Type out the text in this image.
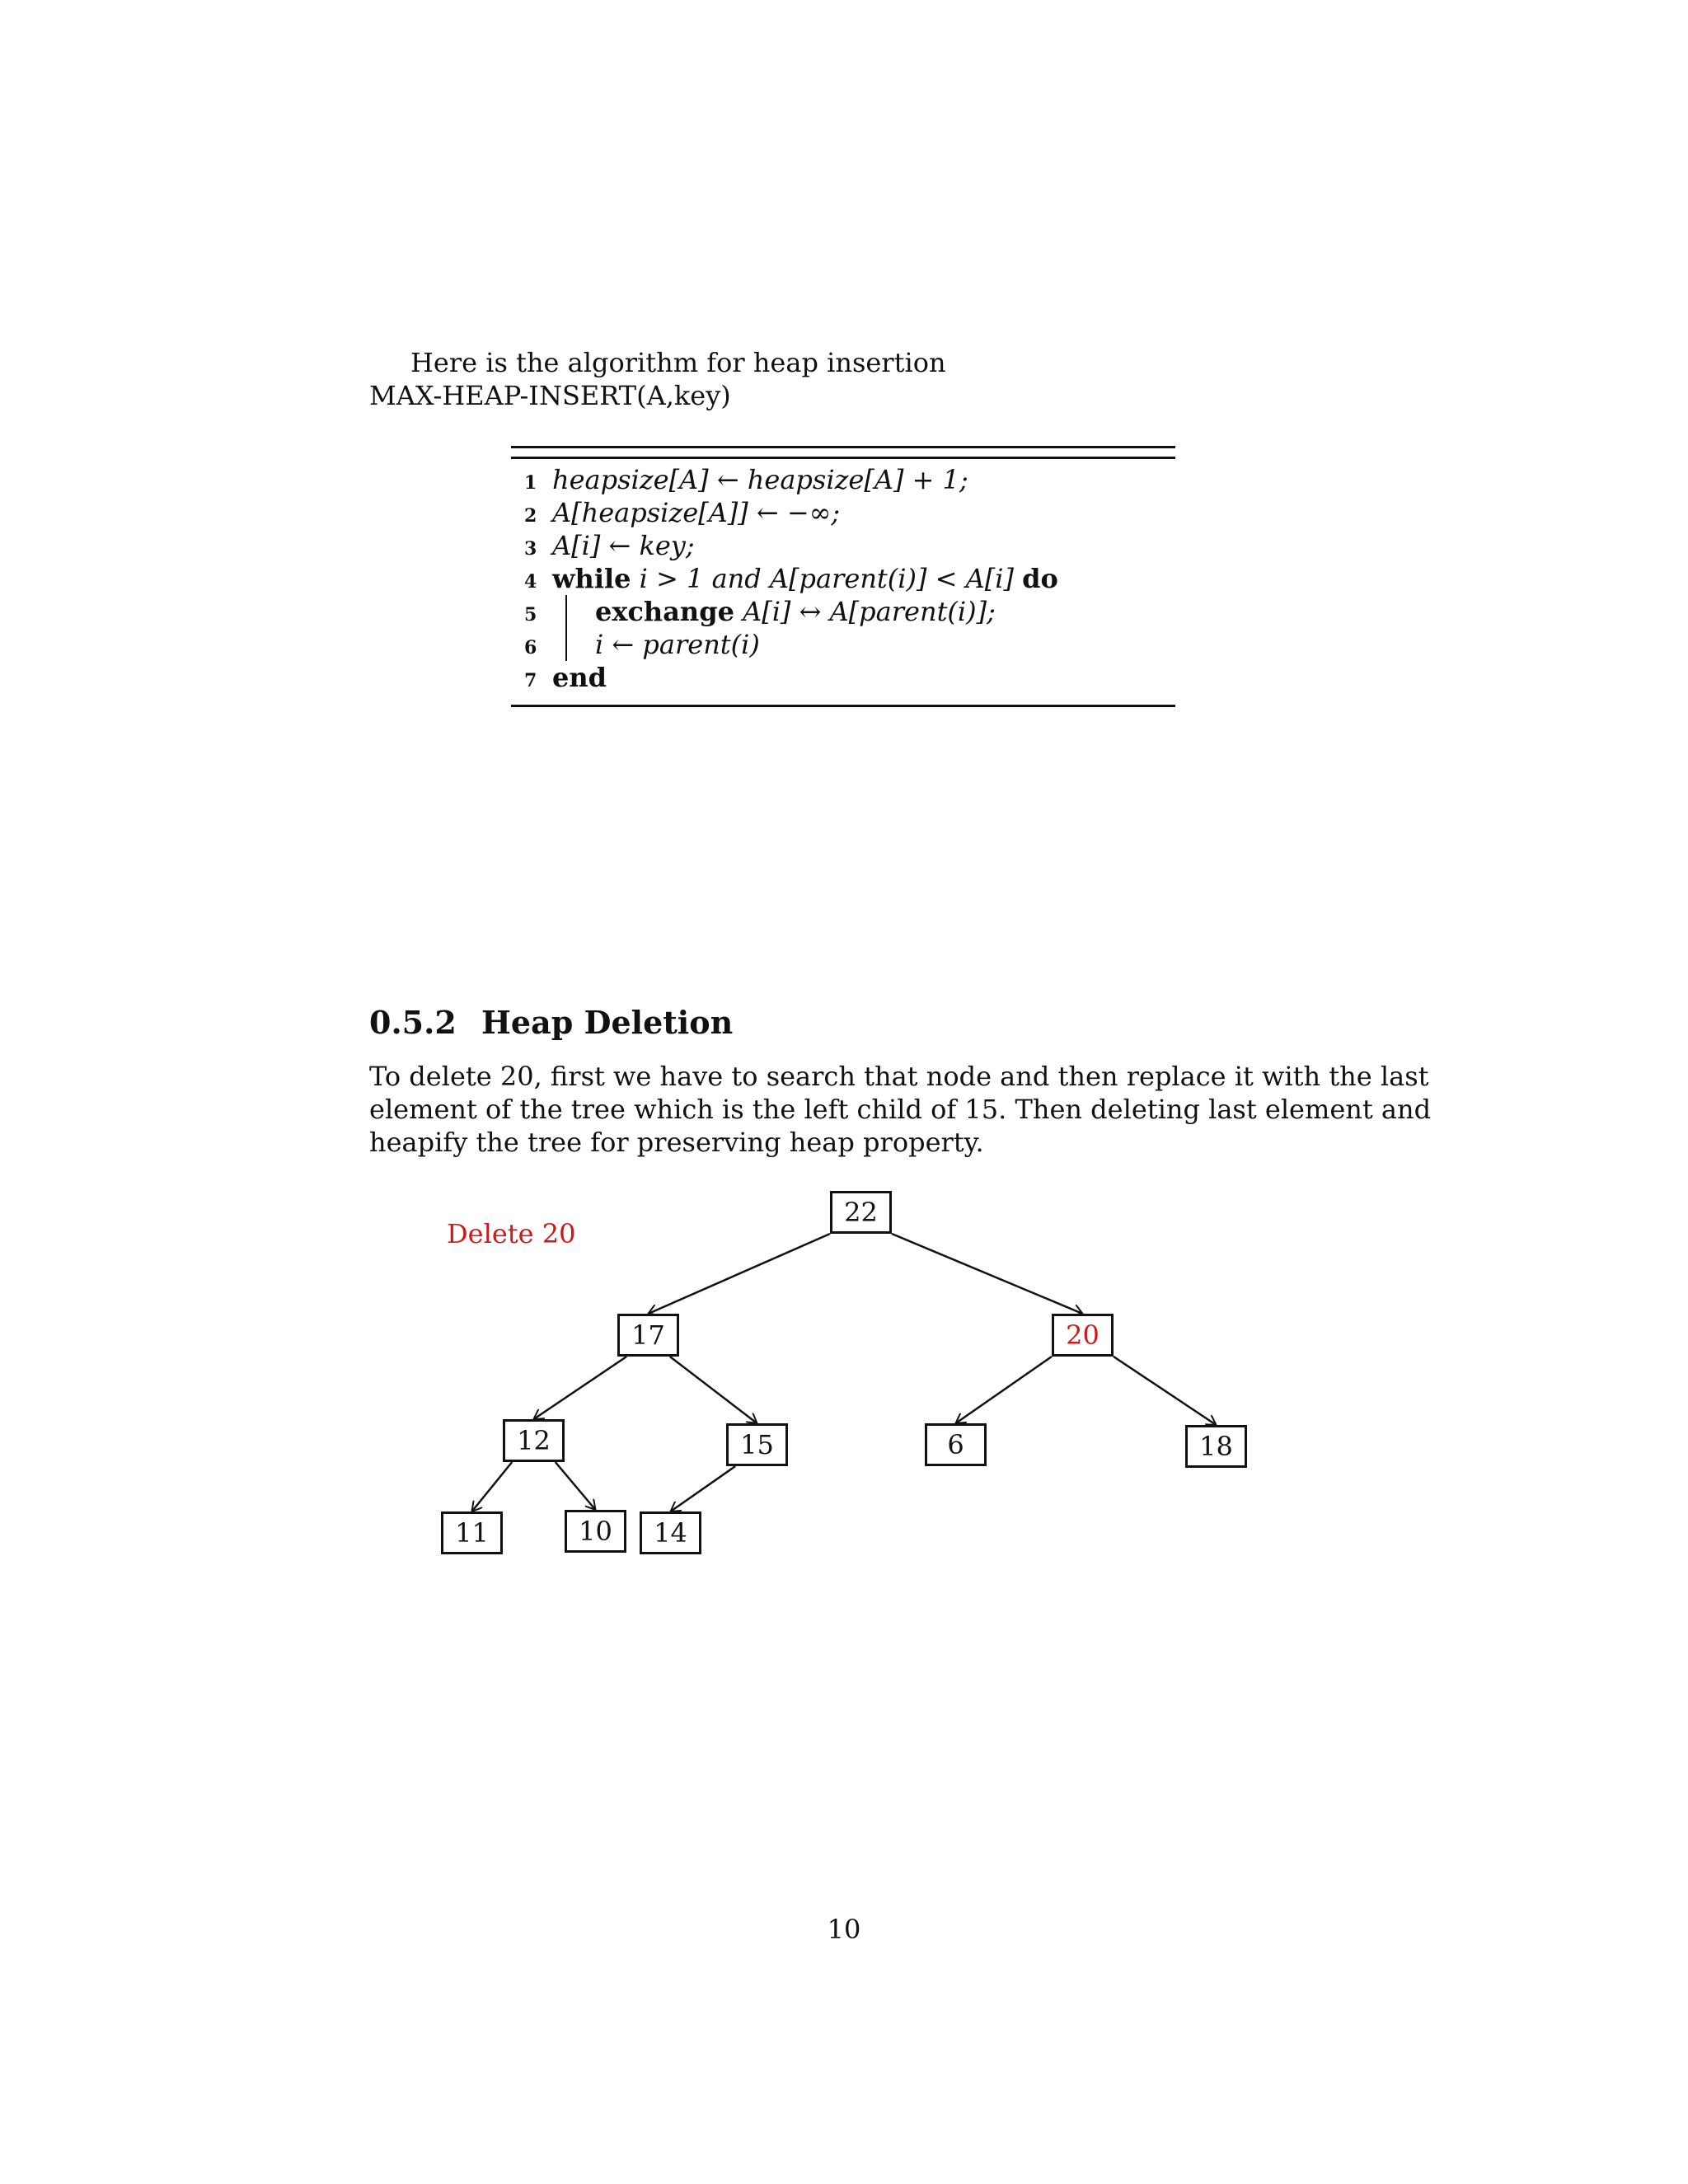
Here is the algorithm for heap insertion
MAX-HEAP-INSERT(A,key)
1 heapsize[A] ← heapsize[A] + 1;
2 A[heapsize[A]] ← −∞;
3 A[i] ← key;
4 while i > 1 and A[parent(i)] < A[i] do
5 exchange A[i] ↔ A[parent(i)];
6 i ← parent(i)
7 end
0.5.2 Heap Deletion
To delete 20, first we have to search that node and then replace it with the last
element of the tree which is the left child of 15. Then deleting last element and
heapify the tree for preserving heap property.
Delete 20
22
17	20
12	15	6	18
11	10	14
10
